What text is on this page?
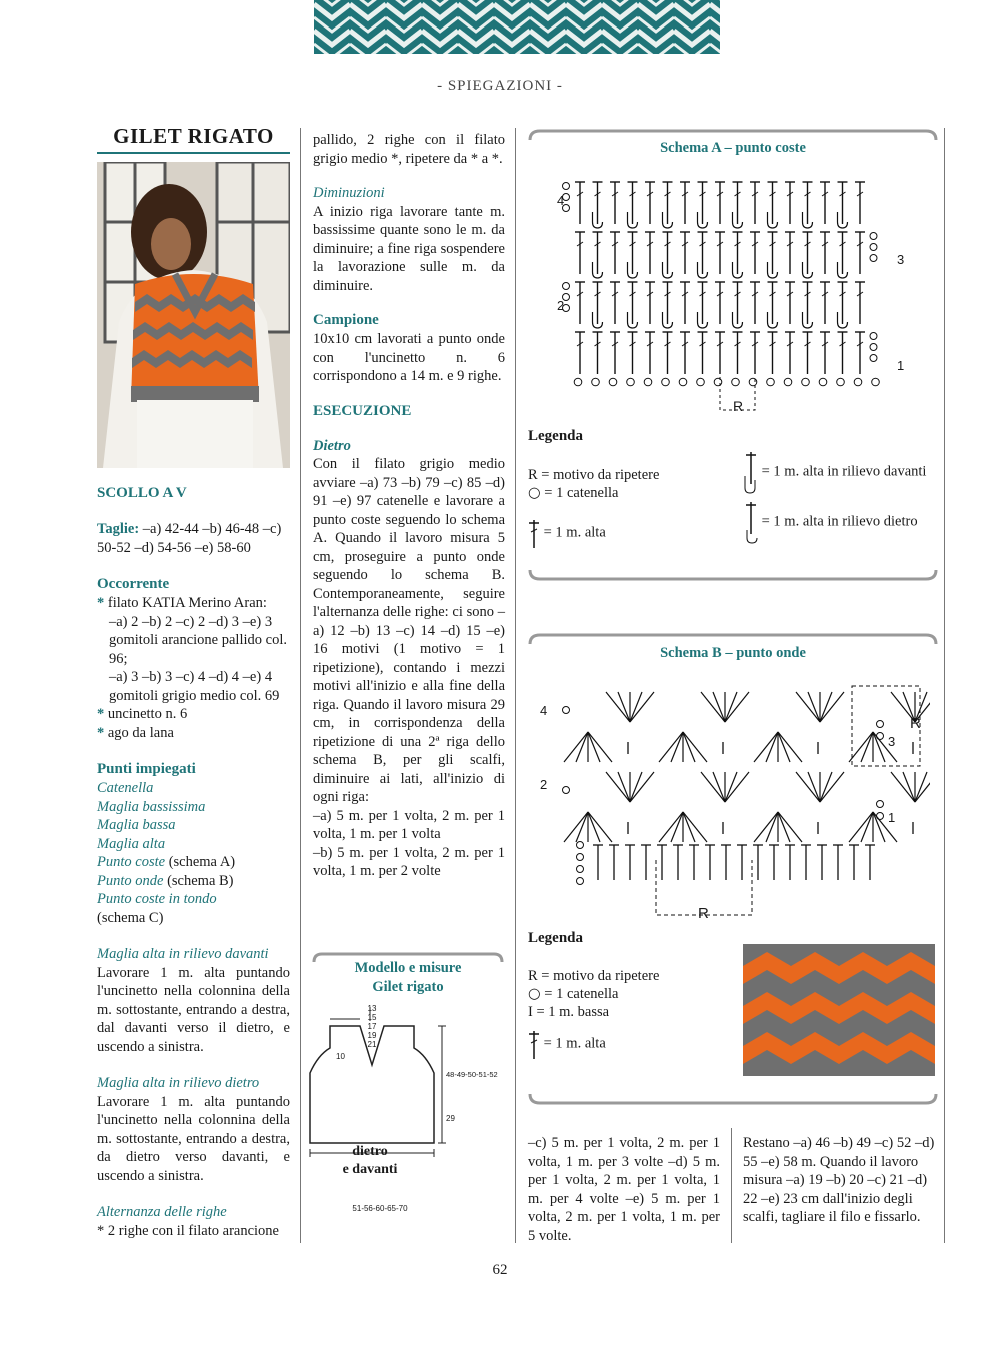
- SPIEGAZIONI -
GILET RIGATO
SCOLLO A V

Taglie: –a) 42-44 –b) 46-48 –c) 50-52 –d) 54-56 –e) 58-60

Occorrente
* filato KATIA Merino Aran:
–a) 2 –b) 2 –c) 2 –d) 3 –e) 3 gomitoli arancione pallido col. 96;
–a) 3 –b) 3 –c) 4 –d) 4 –e) 4 gomitoli grigio medio col. 69
* uncinetto n. 6
* ago da lana
Punti impiegati
Catenella
Maglia bassissima
Maglia bassa
Maglia alta
Punto coste (schema A)
Punto onde (schema B)
Punto coste in tondo

(schema C)

Maglia alta in rilievo davanti

Lavorare 1 m. alta puntando l'uncinetto nella colonnina della m. sottostante, entrando a destra, dal davanti verso il dietro, e uscendo a sinistra.

Maglia alta in rilievo dietro

Lavorare 1 m. alta puntando l'uncinetto nella colonnina della m. sottostante, entrando a destra, da dietro verso davanti, e uscendo a sinistra.

Alternanza delle righe

* 2 righe con il filato arancione

pallido, 2 righe con il filato grigio medio *, ripetere da * a *.

Diminuzioni

A inizio riga lavorare tante m. bassissime quante sono le m. da diminuire; a fine riga sospendere la lavorazione sulle m. da diminuire.

Campione

10x10 cm lavorati a punto onde con l'uncinetto n. 6 corrispondono a 14 m. e 9 righe.

ESECUZIONE

Dietro

Con il filato grigio medio avviare –a) 73 –b) 79 –c) 85 –d) 91 –e) 97 catenelle e lavorare a punto coste seguendo lo schema A. Quando il lavoro misura 5 cm, proseguire a punto onde seguendo lo schema B. Contemporaneamente, seguire l'alternanza delle righe: ci sono –a) 12 –b) 13 –c) 14 –d) 15 –e) 16 motivi (1 motivo = 1 ripetizione), contando i mezzi motivi all'inizio e alla fine della riga. Quando il lavoro misura 29 cm, in corrispondenza della ripetizione di una 2ª riga dello schema B, per gli scalfi, diminuire ai lati, all'inizio di ogni riga:

–a) 5 m. per 1 volta, 2 m. per 1 volta, 1 m. per 1 volta

–b) 5 m. per 1 volta, 2 m. per 1 volta, 1 m. per 2 volte

Modello e misure
Gilet rigato
13
15
17
19
21
10
48-49-50-51-52
29
dietro
e davanti
51-56-60-65-70
Schema A – punto coste
4
3
2
1
R
Legenda
R = motivo da ripetere
○ = 1 catenella
= 1 m. alta
= 1 m. alta in rilievo davanti
= 1 m. alta in rilievo dietro
Schema B – punto onde
4
3
2
1
R
R
Legenda
R = motivo da ripetere
○ = 1 catenella
I = 1 m. bassa
= 1 m. alta
–c) 5 m. per 1 volta, 2 m. per 1 volta, 1 m. per 3 volte –d) 5 m. per 1 volta, 2 m. per 1 volta, 1 m. per 4 volte –e) 5 m. per 1 volta, 2 m. per 1 volta, 1 m. per 5 volte.
Restano –a) 46 –b) 49 –c) 52 –d) 55 –e) 58 m. Quando il lavoro misura –a) 19 –b) 20 –c) 21 –d) 22 –e) 23 cm dall'inizio degli scalfi, tagliare il filo e fissarlo.
62
